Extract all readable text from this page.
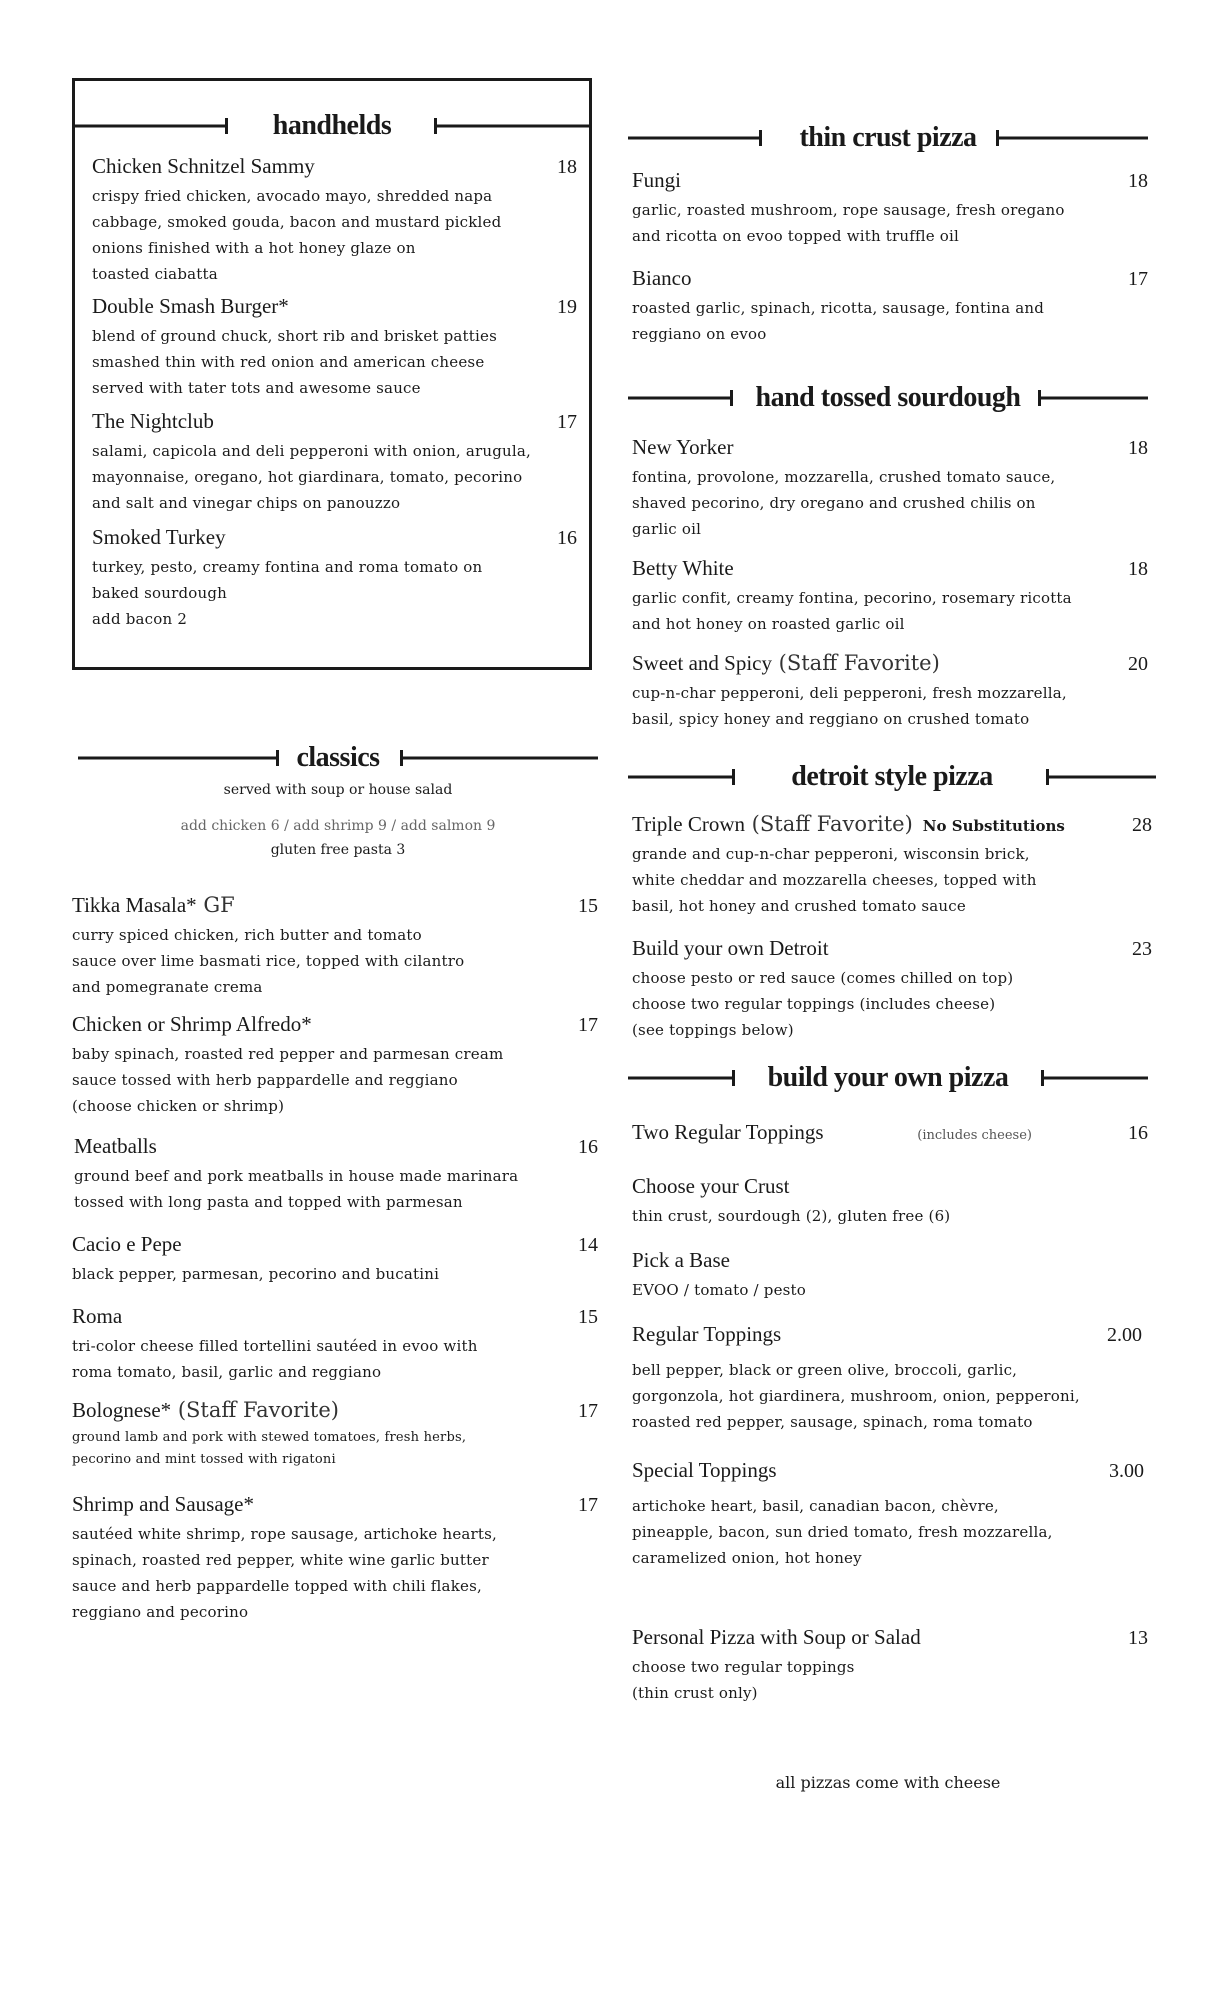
handhelds
Chicken Schnitzel Sammy	18
crispy fried chicken, avocado mayo, shredded napa
cabbage, smoked gouda, bacon and mustard pickled
onions finished with a hot honey glaze on
toasted ciabatta
Double Smash Burger*	19
blend of ground chuck, short rib and brisket patties
smashed thin with red onion and american cheese
served with tater tots and awesome sauce
The Nightclub	17
salami, capicola and deli pepperoni with onion, arugula,
mayonnaise, oregano, hot giardinara, tomato, pecorino
and salt and vinegar chips on panouzzo
Smoked Turkey	16
turkey, pesto, creamy fontina and roma tomato on
baked sourdough
add bacon 2
classics
served with soup or house salad
add chicken 6 / add shrimp 9 / add salmon 9
gluten free pasta 3
Tikka Masala* GF	15
curry spiced chicken, rich butter and tomato
sauce over lime basmati rice, topped with cilantro
and pomegranate crema
Chicken or Shrimp Alfredo*	17
baby spinach, roasted red pepper and parmesan cream
sauce tossed with herb pappardelle and reggiano
(choose chicken or shrimp)
Meatballs	16
ground beef and pork meatballs in house made marinara
tossed with long pasta and topped with parmesan
Cacio e Pepe	14
black pepper, parmesan, pecorino and bucatini
Roma	15
tri-color cheese filled tortellini sautéed in evoo with
roma tomato, basil, garlic and reggiano
Bolognese* (Staff Favorite)	17
ground lamb and pork with stewed tomatoes, fresh herbs,
pecorino and mint tossed with rigatoni
Shrimp and Sausage*	17
sautéed white shrimp, rope sausage, artichoke hearts,
spinach, roasted red pepper, white wine garlic butter
sauce and herb pappardelle topped with chili flakes,
reggiano and pecorino
thin crust pizza
Fungi	18
garlic, roasted mushroom, rope sausage, fresh oregano
and ricotta on evoo topped with truffle oil
Bianco	17
roasted garlic, spinach, ricotta, sausage, fontina and
reggiano on evoo
hand tossed sourdough
New Yorker	18
fontina, provolone, mozzarella, crushed tomato sauce,
shaved pecorino, dry oregano and crushed chilis on
garlic oil
Betty White	18
garlic confit, creamy fontina, pecorino, rosemary ricotta
and hot honey on roasted garlic oil
Sweet and Spicy (Staff Favorite)	20
cup-n-char pepperoni, deli pepperoni, fresh mozzarella,
basil, spicy honey and reggiano on crushed tomato
detroit style pizza
Triple Crown (Staff Favorite) No Substitutions	28
grande and cup-n-char pepperoni, wisconsin brick,
white cheddar and mozzarella cheeses, topped with
basil, hot honey and crushed tomato sauce
Build your own Detroit	23
choose pesto or red sauce (comes chilled on top)
choose two regular toppings (includes cheese)
(see toppings below)
build your own pizza
Two Regular Toppings	(includes cheese)	16
Choose your Crust
thin crust, sourdough (2), gluten free (6)
Pick a Base
EVOO / tomato / pesto
Regular Toppings	2.00
bell pepper, black or green olive, broccoli, garlic,
gorgonzola, hot giardinera, mushroom, onion, pepperoni,
roasted red pepper, sausage, spinach, roma tomato
Special Toppings	3.00
artichoke heart, basil, canadian bacon, chèvre,
pineapple, bacon, sun dried tomato, fresh mozzarella,
caramelized onion, hot honey
Personal Pizza with Soup or Salad	13
choose two regular toppings
(thin crust only)
all pizzas come with cheese
